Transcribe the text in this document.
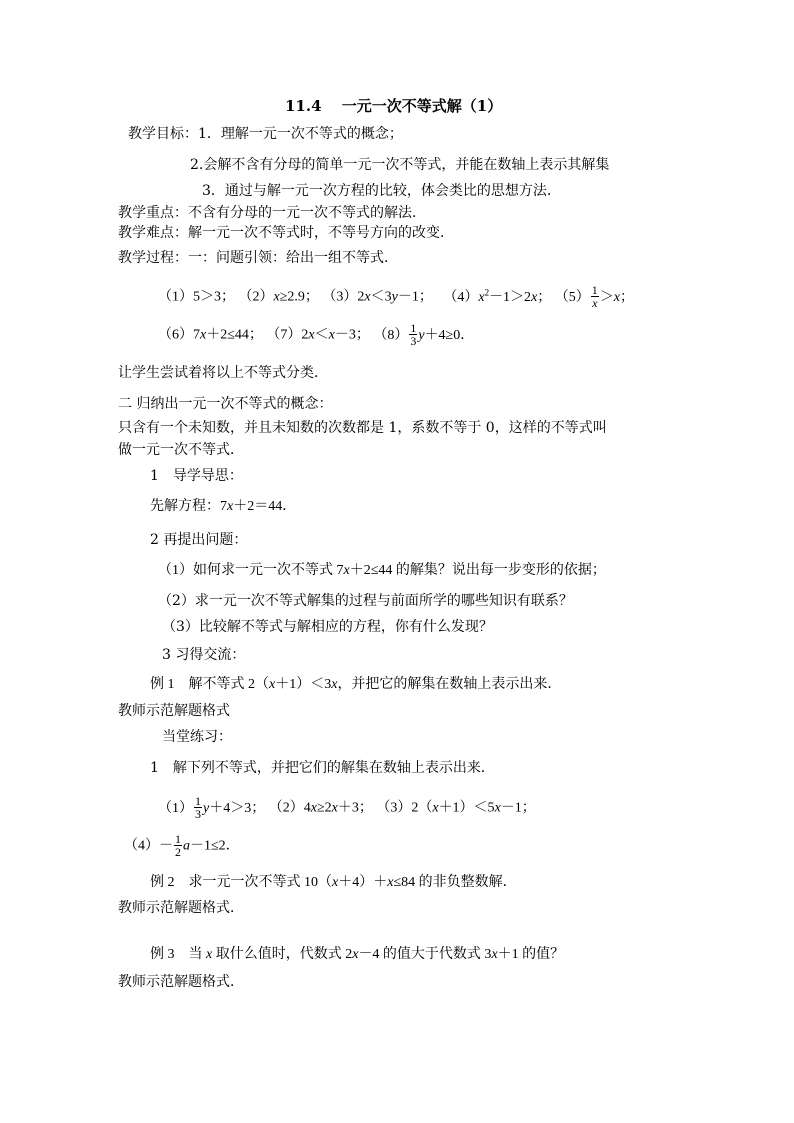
11.4　 一元一次不等式解（1）
教学目标：1．理解一元一次不等式的概念；
2.会解不含有分母的简单一元一次不等式，并能在数轴上表示其解集
3．通过与解一元一次方程的比较，体会类比的思想方法．
教学重点：不含有分母的一元一次不等式的解法．
教学难点：解一元一次不等式时，不等号方向的改变．
教学过程：一：问题引领：给出一组不等式．
（1）5＞3； （2）x≥2.9； （3）2x＜3y－1； $(4)x^2-1>2x$； $(5) \frac{1}{x} >x$；
（6）7x＋2≤44； （7）2x＜x－3； $(8) \frac{1}{3} y+4\ge 0$．
让学生尝试着将以上不等式分类．
二 归纳出一元一次不等式的概念：
只含有一个未知数，并且未知数的次数都是 1，系数不等于 0，这样的不等式叫
做一元一次不等式．
1　导学导思：
先解方程：7x＋2＝44．
2 再提出问题：
（1）如何求一元一次不等式 7x＋2≤44 的解集？说出每一步变形的依据；
（2）求一元一次不等式解集的过程与前面所学的哪些知识有联系？
（3）比较解不等式与解相应的方程，你有什么发现？
3 习得交流：
例 1　解不等式 2（x＋1）＜3x，并把它的解集在数轴上表示出来．
教师示范解题格式
当堂练习：
1　解下列不等式，并把它们的解集在数轴上表示出来．
$(1) \frac{1}{3} y+4>3$； （2）4x≥2x＋3； （3）2（x＋1）＜5x－1；
$(4)- \frac{1}{2} a-1\le 2$．
例 2　求一元一次不等式 10（x＋4）＋x≤84 的非负整数解．
教师示范解题格式．
例 3　当 x 取什么值时，代数式 2x－4 的值大于代数式 3x＋1 的值？
教师示范解题格式．
